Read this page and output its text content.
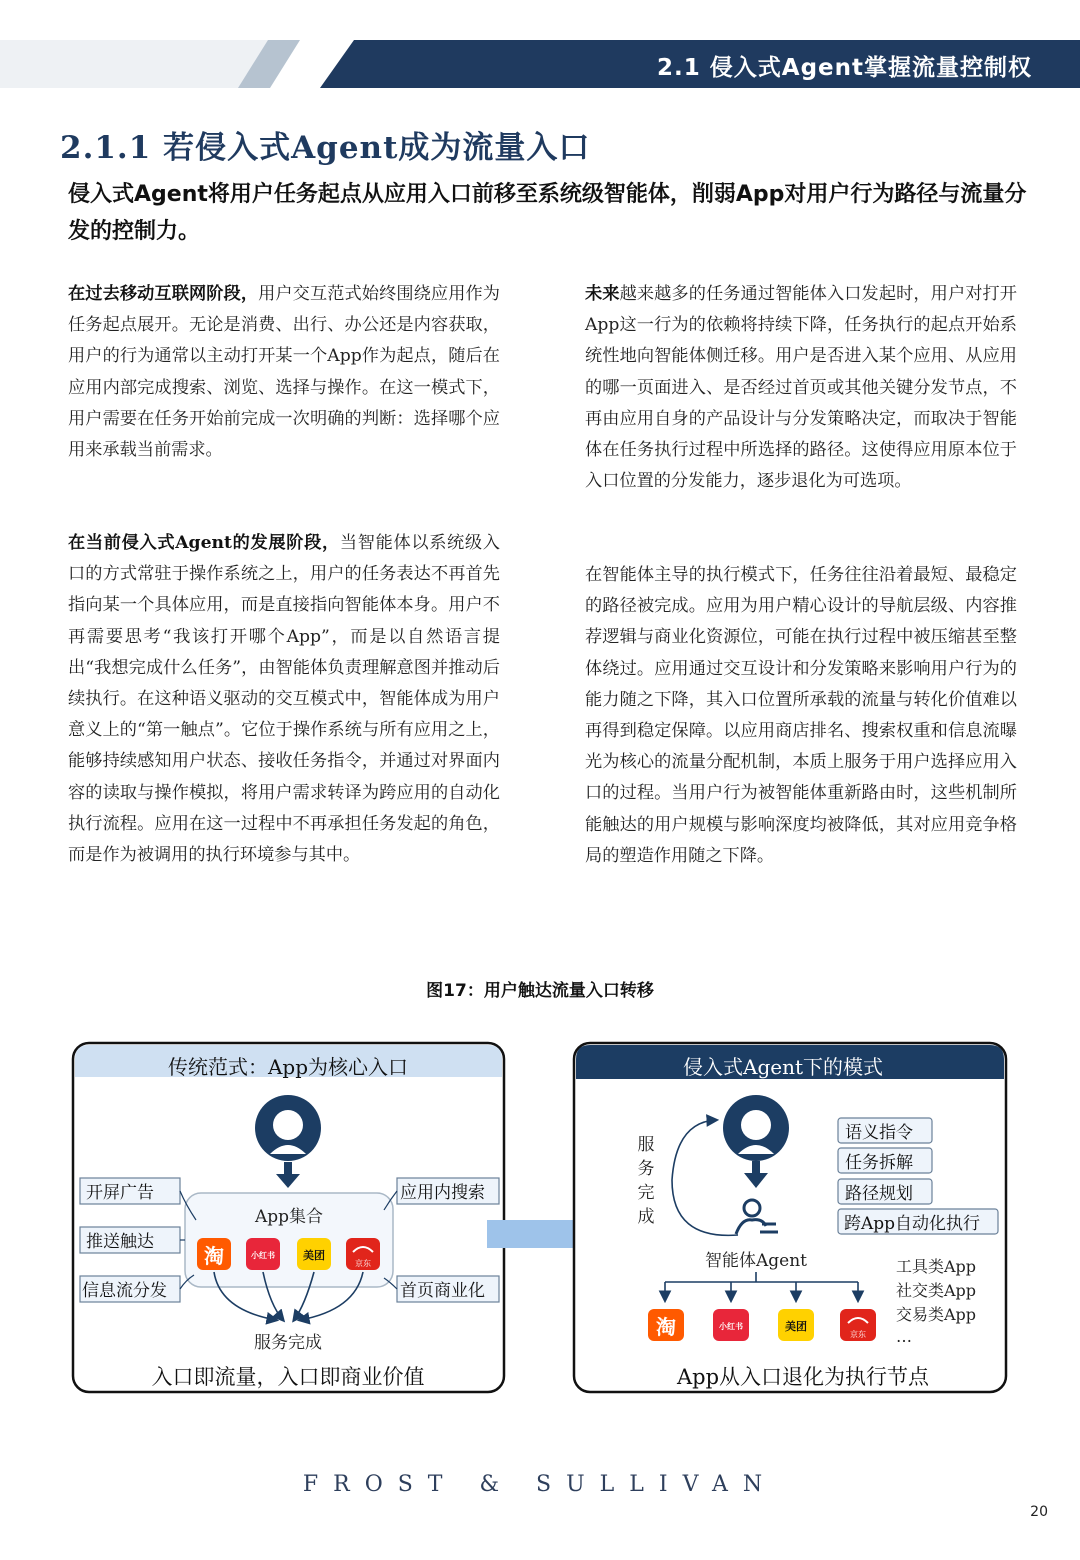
2.1 侵入式Agent掌握流量控制权
2.1.1 若侵入式Agent成为流量入口
侵入式Agent将用户任务起点从应用入口前移至系统级智能体，削弱App对用户行为路径与流量分发的控制力。

在过去移动互联网阶段，用户交互范式始终围绕应用作为任务起点展开。无论是消费、出行、办公还是内容获取，用户的行为通常以主动打开某一个App作为起点，随后在应用内部完成搜索、浏览、选择与操作。在这一模式下，用户需要在任务开始前完成一次明确的判断：选择哪个应用来承载当前需求。

在当前侵入式Agent的发展阶段，当智能体以系统级入口的方式常驻于操作系统之上，用户的任务表达不再首先指向某一个具体应用，而是直接指向智能体本身。用户不再需要思考“我该打开哪个App”，而是以自然语言提出“我想完成什么任务”，由智能体负责理解意图并推动后续执行。在这种语义驱动的交互模式中，智能体成为用户意义上的“第一触点”。它位于操作系统与所有应用之上，能够持续感知用户状态、接收任务指令，并通过对界面内容的读取与操作模拟，将用户需求转译为跨应用的自动化执行流程。应用在这一过程中不再承担任务发起的角色，而是作为被调用的执行环境参与其中。

未来越来越多的任务通过智能体入口发起时，用户对打开App这一行为的依赖将持续下降，任务执行的起点开始系统性地向智能体侧迁移。用户是否进入某个应用、从应用的哪一页面进入、是否经过首页或其他关键分发节点，不再由应用自身的产品设计与分发策略决定，而取决于智能体在任务执行过程中所选择的路径。这使得应用原本位于入口位置的分发能力，逐步退化为可选项。

在智能体主导的执行模式下，任务往往沿着最短、最稳定的路径被完成。应用为用户精心设计的导航层级、内容推荐逻辑与商业化资源位，可能在执行过程中被压缩甚至整体绕过。应用通过交互设计和分发策略来影响用户行为的能力随之下降，其入口位置所承载的流量与转化价值难以再得到稳定保障。以应用商店排名、搜索权重和信息流曝光为核心的流量分配机制，本质上服务于用户选择应用入口的过程。当用户行为被智能体重新路由时，这些机制所能触达的用户规模与影响深度均被降低，其对应用竞争格局的塑造作用随之下降。

图17：用户触达流量入口转移
传统范式：App为核心入口
App集合
淘	小红书	美团
京东
服务完成
开屏广告
推送触达
信息流分发
应用内搜索
首页商业化
入口即流量，入口即商业价值
侵入式Agent下的模式
服务完成
智能体Agent
语义指令
任务拆解
路径规划
跨App自动化执行
淘	小红书	美团
京东
工具类App
社交类App
交易类App
…
App从入口退化为执行节点
FROST & SULLIVAN
20
